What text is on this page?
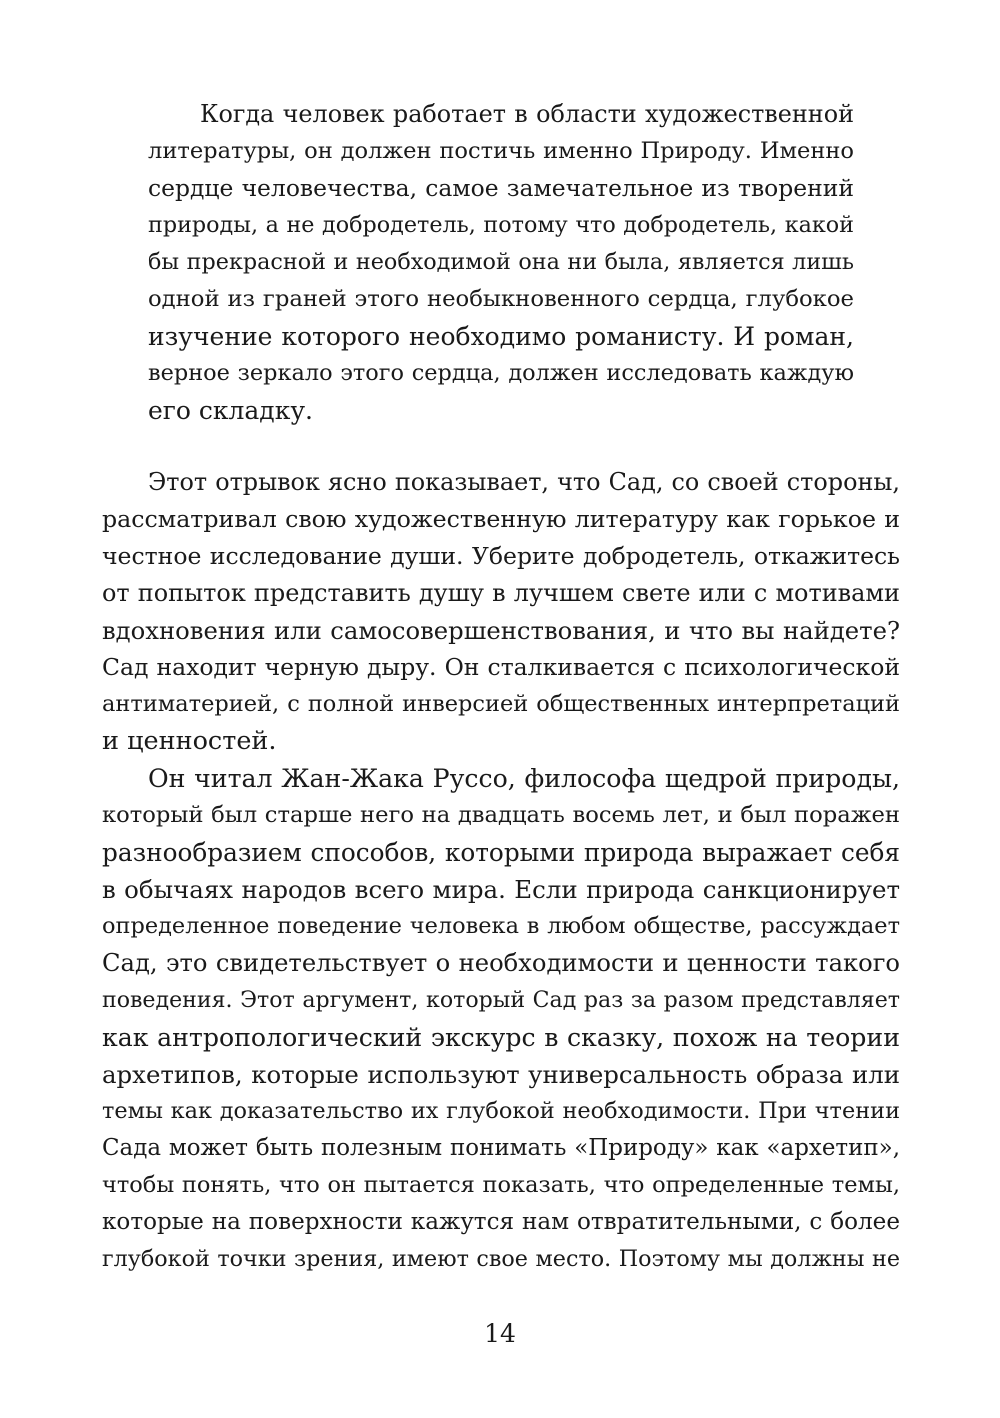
Когда человек работает в области художественной
литературы, он должен постичь именно Природу. Именно
сердце человечества, самое замечательное из творений
природы, а не добродетель, потому что добродетель, какой
бы прекрасной и необходимой она ни была, является лишь
одной из граней этого необыкновенного сердца, глубокое
изучение которого необходимо романисту. И роман,
верное зеркало этого сердца, должен исследовать каждую
его складку.
Этот отрывок ясно показывает, что Сад, со своей стороны,
рассматривал свою художественную литературу как горькое и
честное исследование души. Уберите добродетель, откажитесь
от попыток представить душу в лучшем свете или с мотивами
вдохновения или самосовершенствования, и что вы найдете?
Сад находит черную дыру. Он сталкивается с психологической
антиматерией, с полной инверсией общественных интерпретаций
и ценностей.
Он читал Жан-Жака Руссо, философа щедрой природы,
который был старше него на двадцать восемь лет, и был поражен
разнообразием способов, которыми природа выражает себя
в обычаях народов всего мира. Если природа санкционирует
определенное поведение человека в любом обществе, рассуждает
Сад, это свидетельствует о необходимости и ценности такого
поведения. Этот аргумент, который Сад раз за разом представляет
как антропологический экскурс в сказку, похож на теории
архетипов, которые используют универсальность образа или
темы как доказательство их глубокой необходимости. При чтении
Сада может быть полезным понимать «Природу» как «архетип»,
чтобы понять, что он пытается показать, что определенные темы,
которые на поверхности кажутся нам отвратительными, с более
глубокой точки зрения, имеют свое место. Поэтому мы должны не
14
